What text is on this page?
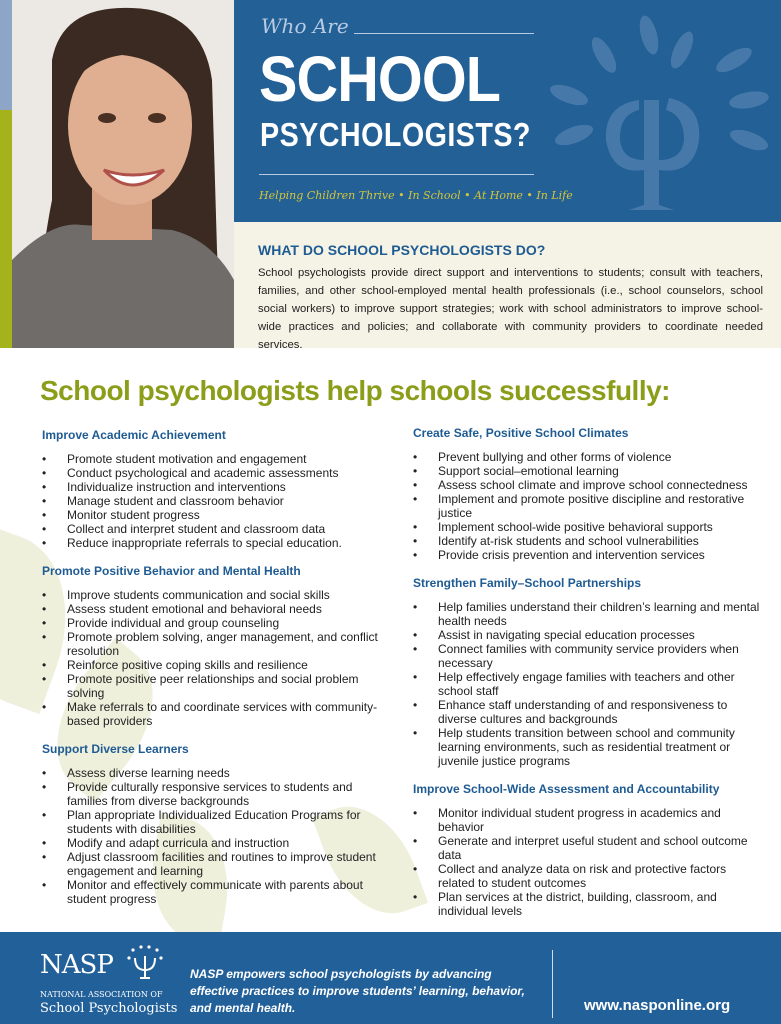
Who Are
SCHOOL
PSYCHOLOGISTS?
Helping Children Thrive • In School • At Home • In Life
WHAT DO SCHOOL PSYCHOLOGISTS DO?

School psychologists provide direct support and interventions to students; consult with teachers, families, and other school-employed mental health professionals (i.e., school counselors, school social workers) to improve support strategies; work with school administrators to improve school-wide practices and policies; and collaborate with community providers to coordinate needed services.

School psychologists help schools successfully:
Improve Academic Achievement
• Promote student motivation and engagement
• Conduct psychological and academic assessments
• Individualize instruction and interventions
• Manage student and classroom behavior
• Monitor student progress
• Collect and interpret student and classroom data
• Reduce inappropriate referrals to special education.
Promote Positive Behavior and Mental Health
• Improve students communication and social skills
• Assess student emotional and behavioral needs
• Provide individual and group counseling
• Promote problem solving, anger management, and conflict resolution
• Reinforce positive coping skills and resilience
• Promote positive peer relationships and social problem solving
• Make referrals to and coordinate services with community-based providers
Support Diverse Learners
• Assess diverse learning needs
• Provide culturally responsive services to students and families from diverse backgrounds
• Plan appropriate Individualized Education Programs for students with disabilities
• Modify and adapt curricula and instruction
• Adjust classroom facilities and routines to improve student engagement and learning
• Monitor and effectively communicate with parents about student progress
Create Safe, Positive School Climates
• Prevent bullying and other forms of violence
• Support social–emotional learning
• Assess school climate and improve school connectedness
• Implement and promote positive discipline and restorative justice
• Implement school-wide positive behavioral supports
• Identify at-risk students and school vulnerabilities
• Provide crisis prevention and intervention services
Strengthen Family–School Partnerships
• Help families understand their children’s learning and mental health needs
• Assist in navigating special education processes
• Connect families with community service providers when necessary
• Help effectively engage families with teachers and other school staff
• Enhance staff understanding of and responsiveness to diverse cultures and backgrounds
• Help students transition between school and community learning environments, such as residential treatment or juvenile justice programs
Improve School-Wide Assessment and Accountability
• Monitor individual student progress in academics and behavior
• Generate and interpret useful student and school outcome data
• Collect and analyze data on risk and protective factors related to student outcomes
• Plan services at the district, building, classroom, and individual levels
NASP
NATIONAL ASSOCIATION OF
School Psychologists
NASP empowers school psychologists by advancing effective practices to improve students’ learning, behavior, and mental health.	www.nasponline.org
